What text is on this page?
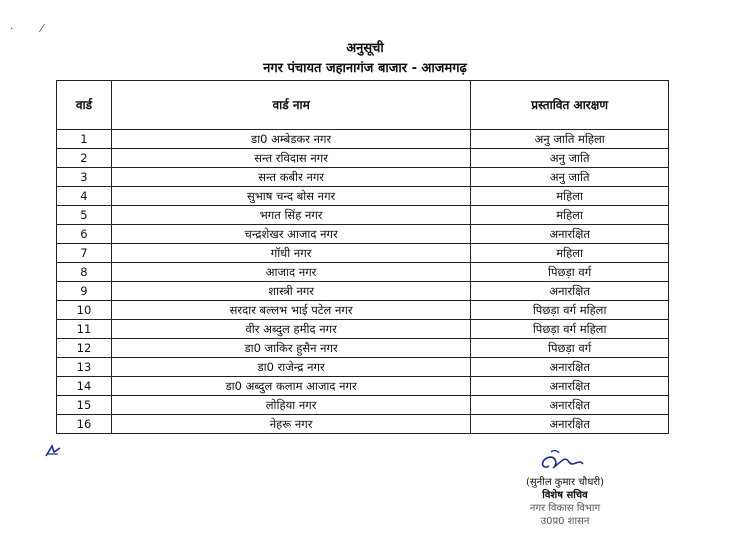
· ⁄
अनुसूची
नगर पंचायत जहानागंज बाजार - आजमगढ़
वार्ड	वार्ड नाम	प्रस्तावित आरक्षण
1	डा0 अम्बेडकर नगर	अनु जाति महिला
2	सन्त रविदास नगर	अनु जाति
3	सन्त कबीर नगर	अनु जाति
4	सुभाष चन्द बोस नगर	महिला
5	भगत सिंह नगर	महिला
6	चन्द्रशेखर आजाद नगर	अनारक्षित
7	गॉधी नगर	महिला
8	आजाद नगर	पिछड़ा वर्ग
9	शास्त्री नगर	अनारक्षित
10	सरदार बल्लभ भाई पटेल नगर	पिछड़ा वर्ग महिला
11	वीर अब्दुल हमीद नगर	पिछड़ा वर्ग महिला
12	डा0 जाकिर हुसैन नगर	पिछड़ा वर्ग
13	डा0 राजेन्द्र नगर	अनारक्षित
14	डा0 अब्दुल कलाम आजाद नगर	अनारक्षित
15	लोहिया नगर	अनारक्षित
16	नेहरू नगर	अनारक्षित
(सुनील कुमार चौधरी)
विशेष सचिव
नगर विकास विभाग
उ0प्र0 शासन
